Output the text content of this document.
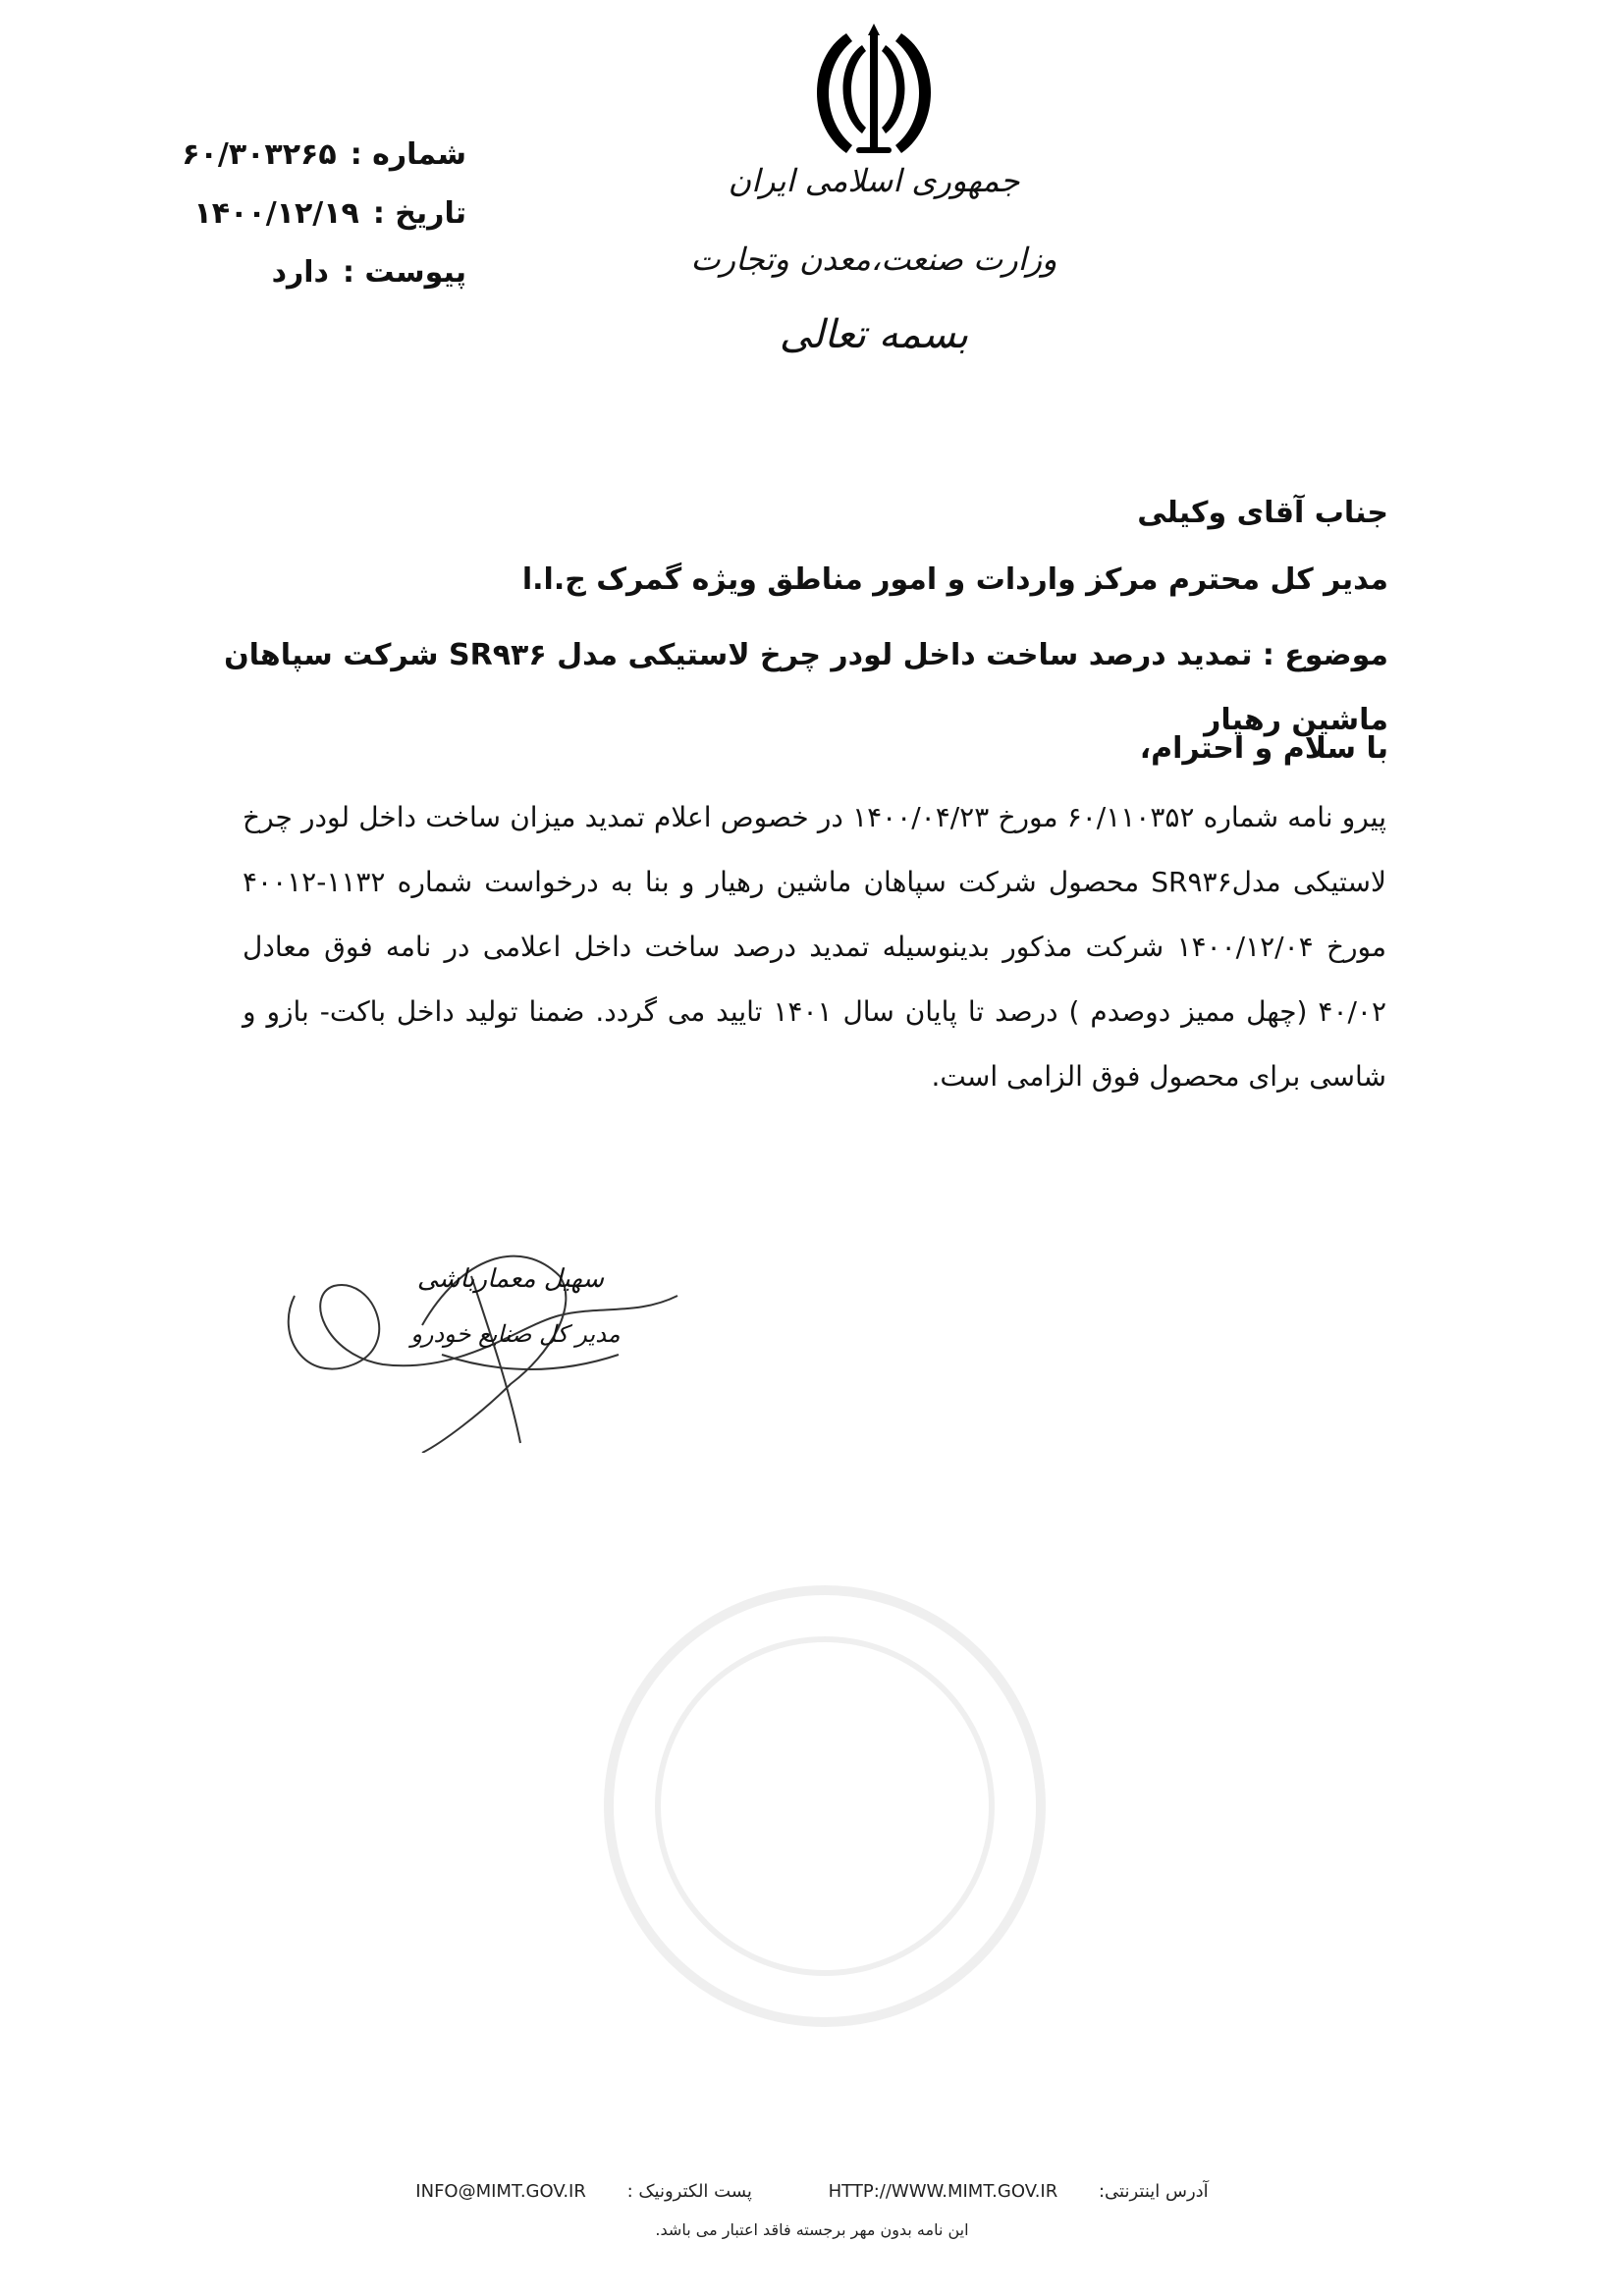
جمهوری اسلامی ایران
وزارت صنعت،معدن وتجارت
بسمه تعالی
شماره :
۶۰/۳۰۳۲۶۵
تاریخ :
۱۴۰۰/۱۲/۱۹
پیوست :
دارد
جناب آقای وکیلی
مدیر کل محترم مرکز واردات و امور مناطق ویژه گمرک ج.ا.ا
موضوع : تمدید درصد ساخت داخل لودر چرخ لاستیکی مدل SR۹۳۶ شرکت سپاهان ماشین رهیار
با سلام و احترام،
پیرو نامه شماره ۶۰/۱۱۰۳۵۲ مورخ ۱۴۰۰/۰۴/۲۳ در خصوص اعلام تمدید میزان ساخت داخل لودر چرخ لاستیکی مدلSR۹۳۶ محصول شرکت سپاهان ماشین رهیار و بنا به درخواست شماره ۱۱۳۲-۴۰۰۱۲ مورخ ۱۴۰۰/۱۲/۰۴ شرکت مذکور بدینوسیله تمدید درصد ساخت داخل اعلامی در نامه فوق معادل ۴۰/۰۲ (چهل ممیز دوصدم ) درصد تا پایان سال ۱۴۰۱ تایید می گردد. ضمنا تولید داخل باکت- بازو و شاسی برای محصول فوق الزامی است.
سهیل معمارباشی
مدیر کل صنایع خودرو
INFO@MIMT.GOV.IR پست الکترونیک :	HTTP://WWW.MIMT.GOV.IR آدرس اینترنتی:
این نامه بدون مهر برجسته فاقد اعتبار می باشد.
